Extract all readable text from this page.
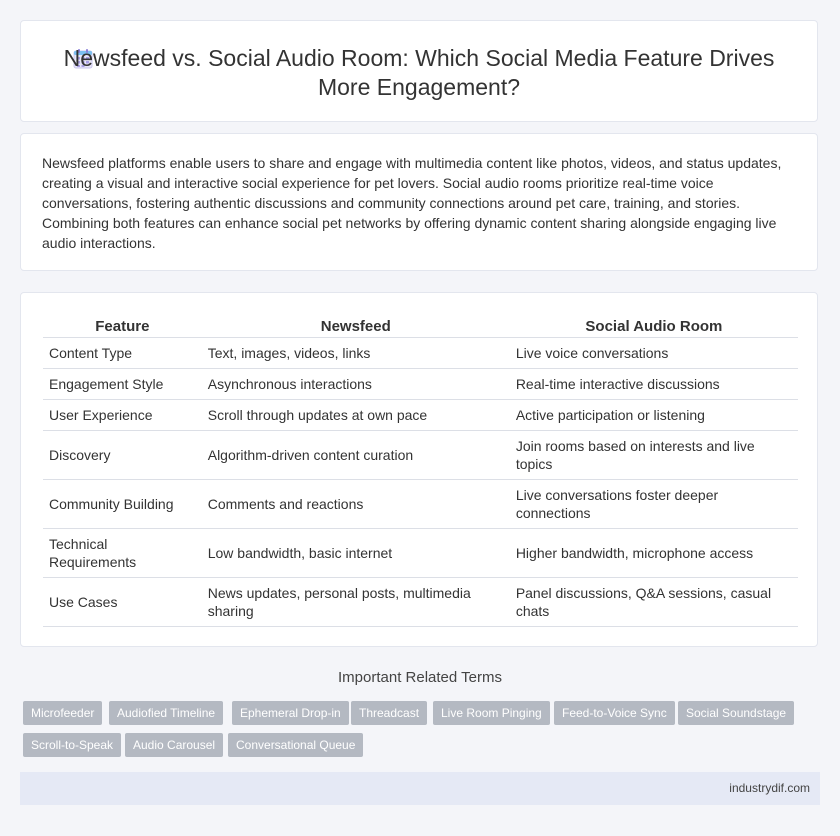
Newsfeed vs. Social Audio Room: Which Social Media Feature Drives More Engagement?

Newsfeed platforms enable users to share and engage with multimedia content like photos, videos, and status updates, creating a visual and interactive social experience for pet lovers. Social audio rooms prioritize real-time voice conversations, fostering authentic discussions and community connections around pet care, training, and stories. Combining both features can enhance social pet networks by offering dynamic content sharing alongside engaging live audio interactions.

Feature	Newsfeed	Social Audio Room
Content Type	Text, images, videos, links	Live voice conversations
Engagement Style	Asynchronous interactions	Real-time interactive discussions
User Experience	Scroll through updates at own pace	Active participation or listening
Discovery	Algorithm-driven content curation	Join rooms based on interests and live topics
Community Building	Comments and reactions	Live conversations foster deeper connections
Technical Requirements	Low bandwidth, basic internet	Higher bandwidth, microphone access
Use Cases	News updates, personal posts, multimedia sharing	Panel discussions, Q&A sessions, casual chats
Important Related Terms
Microfeeder	Audiofied Timeline	Ephemeral Drop-in	Threadcast	Live Room Pinging	Feed-to-Voice Sync	Social Soundstage
Scroll-to-Speak	Audio Carousel	Conversational Queue
industrydif.com
